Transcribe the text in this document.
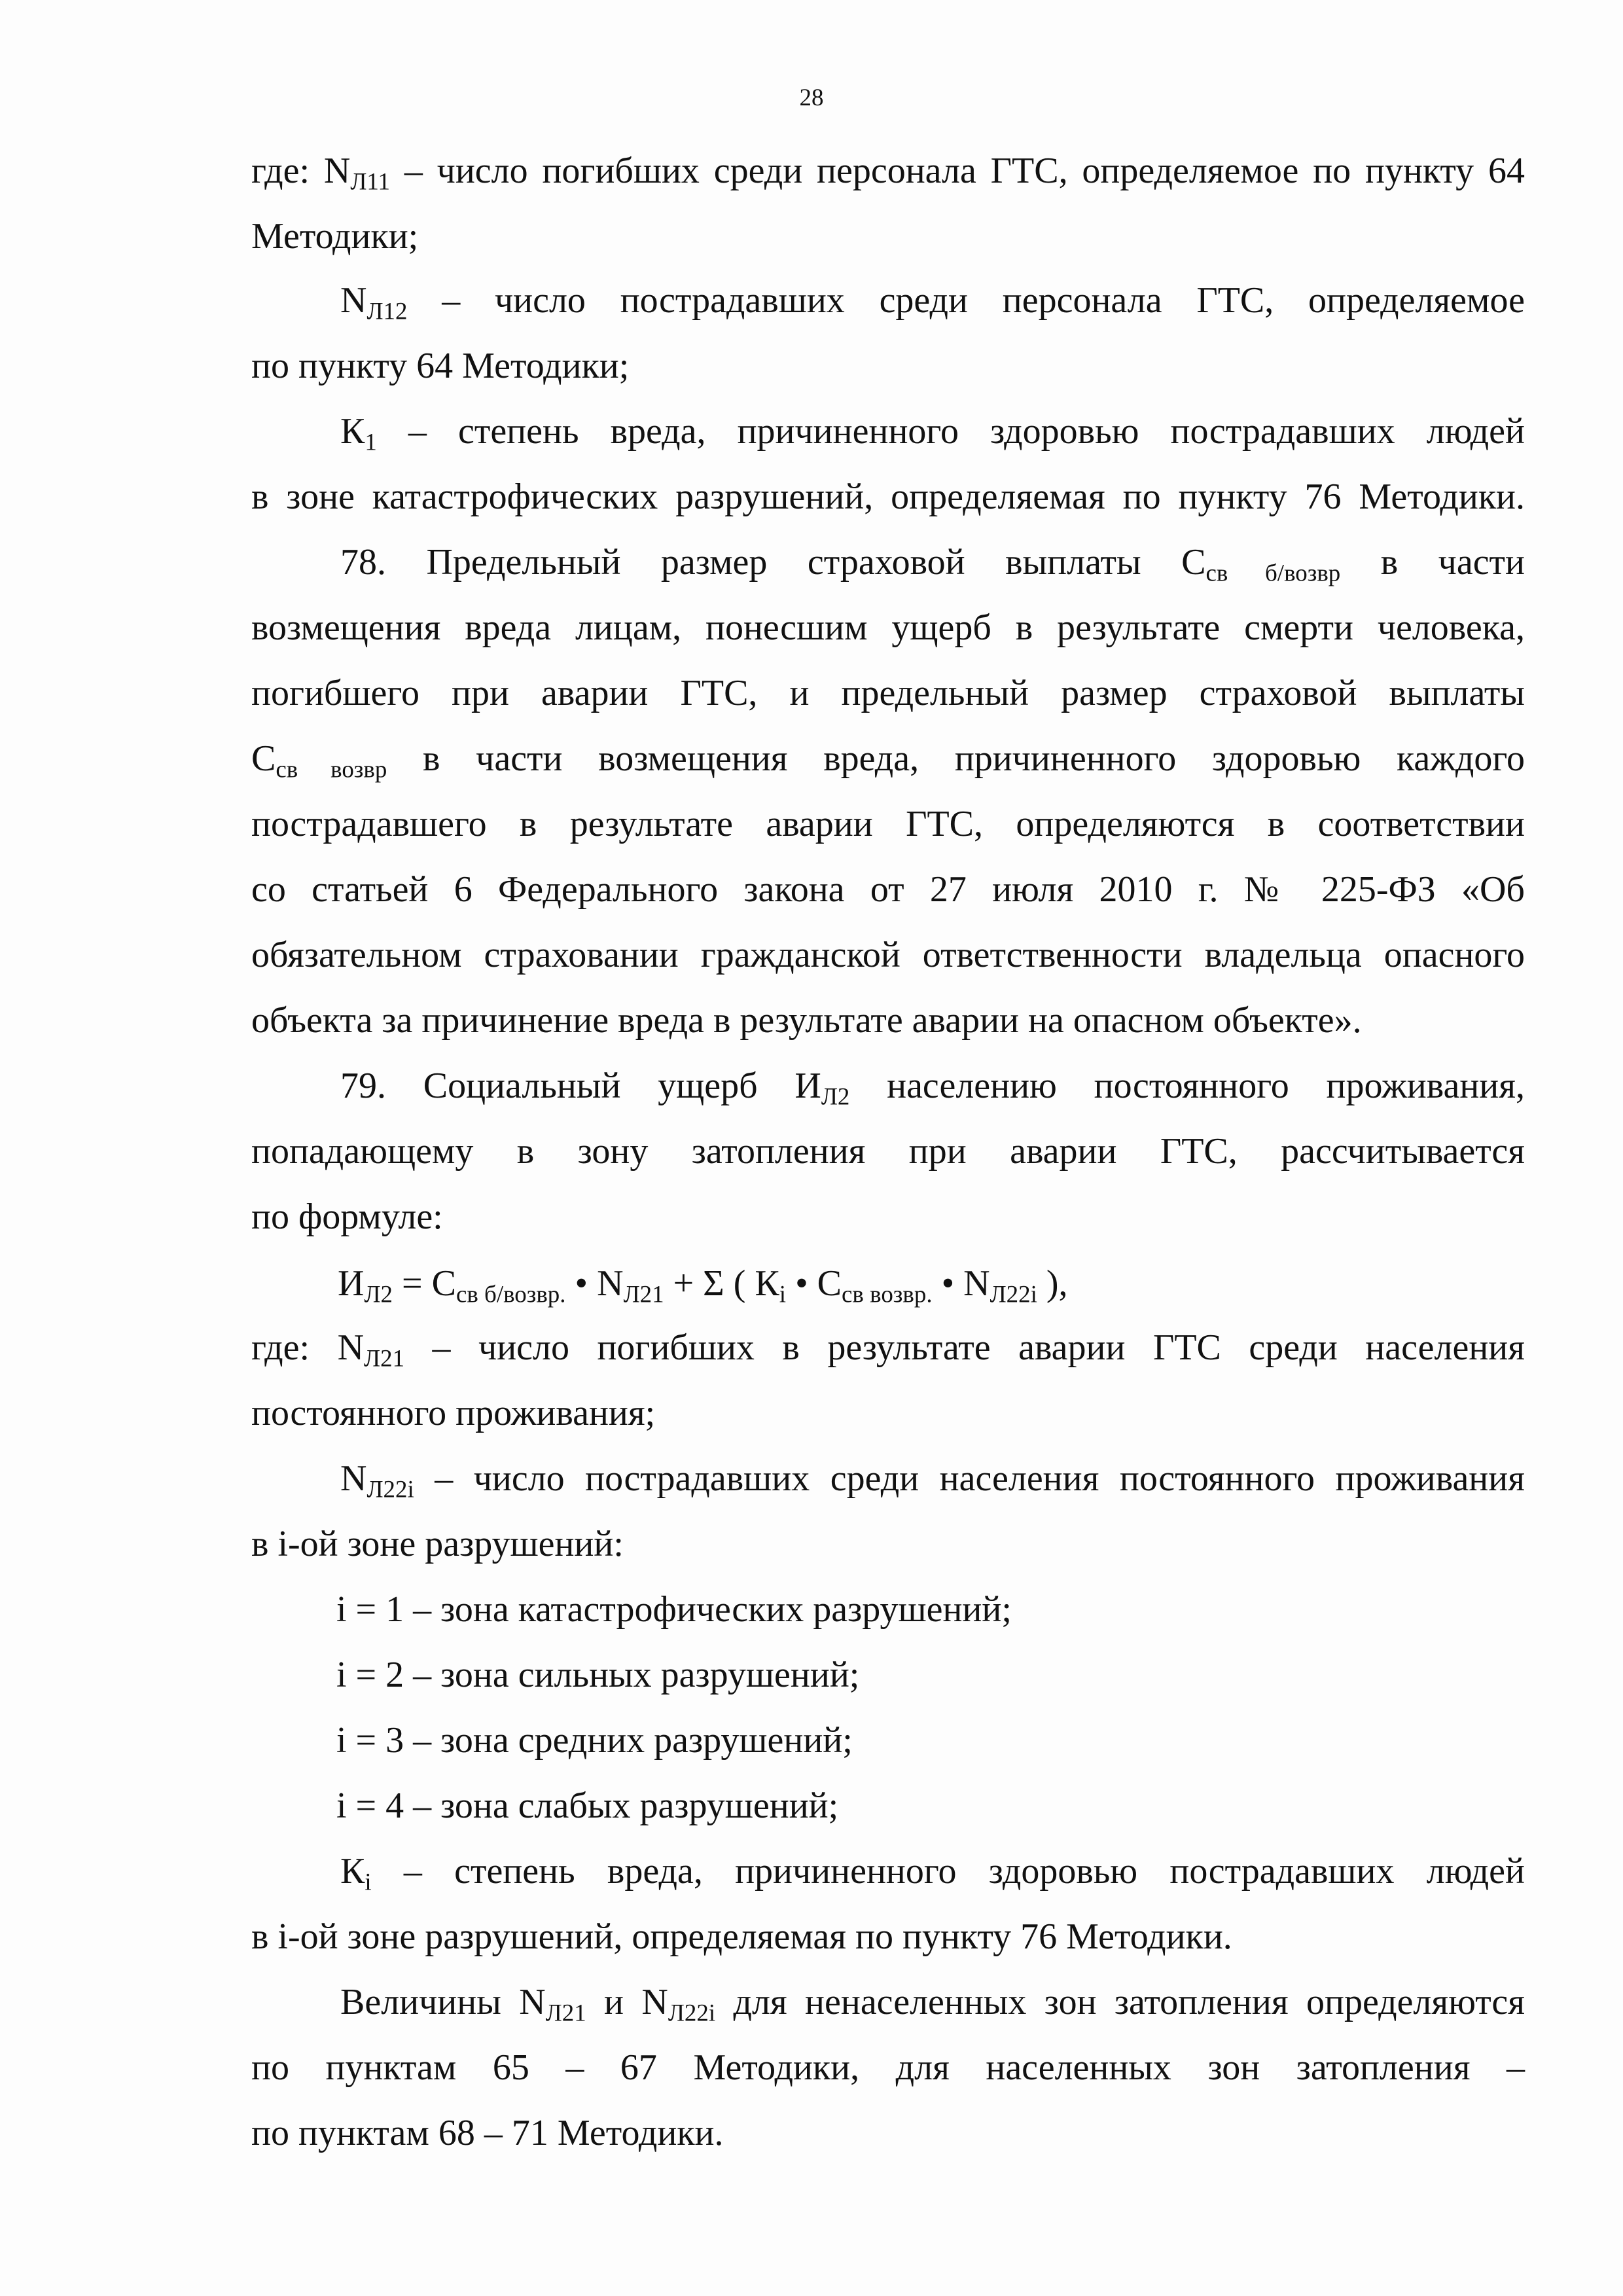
28
где: $N_{Л11}$ – число погибших среди персонала ГТС, определяемое по пункту 64
Методики;
$N_{Л12}$ – число пострадавших среди персонала ГТС, определяемое
по пункту 64 Методики;
$К_1$ – степень вреда, причиненного здоровью пострадавших людей
в зоне катастрофических разрушений, определяемая по пункту 76 Методики.
78. Предельный размер страховой выплаты $С_{св б/возвр}$ в части
возмещения вреда лицам, понесшим ущерб в результате смерти человека,
погибшего при аварии ГТС, и предельный размер страховой выплаты
$С_{св возвр}$ в части возмещения вреда, причиненного здоровью каждого
пострадавшего в результате аварии ГТС, определяются в соответствии
со статьей 6 Федерального закона от 27 июля 2010 г. № 225-ФЗ «Об
обязательном страховании гражданской ответственности владельца опасного
объекта за причинение вреда в результате аварии на опасном объекте».
79. Социальный ущерб $И_{Л2}$ населению постоянного проживания,
попадающему в зону затопления при аварии ГТС, рассчитывается
по формуле:
$И_{Л2} = С_{св б/возвр.}$ • $N_{Л21} + \Sigma$ ( $К_i$ • $С_{св возвр.}$ • $N_{Л22i}$ ),
где: $N_{Л21}$ – число погибших в результате аварии ГТС среди населения
постоянного проживания;
$N_{Л22i}$ – число пострадавших среди населения постоянного проживания
в i-ой зоне разрушений:
i = 1 – зона катастрофических разрушений;
i = 2 – зона сильных разрушений;
i = 3 – зона средних разрушений;
i = 4 – зона слабых разрушений;
$К_i$ – степень вреда, причиненного здоровью пострадавших людей
в i-ой зоне разрушений, определяемая по пункту 76 Методики.
Величины $N_{Л21}$ и $N_{Л22i}$ для ненаселенных зон затопления определяются
по пунктам 65 – 67 Методики, для населенных зон затопления –
по пунктам 68 – 71 Методики.
